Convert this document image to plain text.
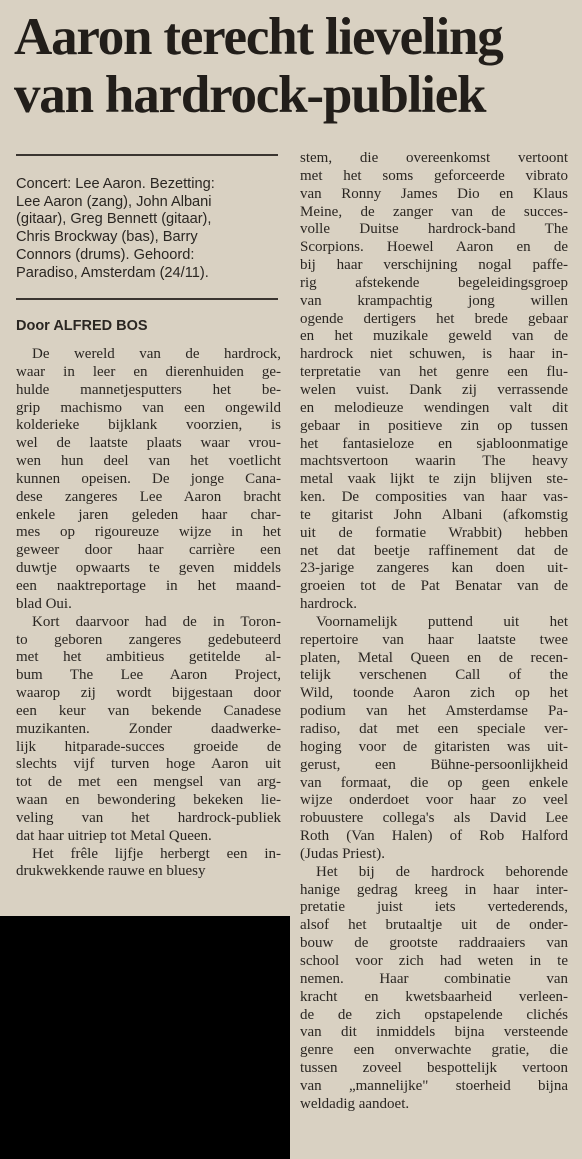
Aaron terecht lieveling
van hardrock-publiek
Concert: Lee Aaron. Bezetting:
Lee Aaron (zang), John Albani
(gitaar), Greg Bennett (gitaar),
Chris Brockway (bas), Barry
Connors (drums). Gehoord:
Paradiso, Amsterdam (24/11).
Door ALFRED BOS
De wereld van de hardrock,
waar in leer en dierenhuiden ge-
hulde mannetjesputters het be-
grip machismo van een ongewild
kolderieke bijklank voorzien, is
wel de laatste plaats waar vrou-
wen hun deel van het voetlicht
kunnen opeisen. De jonge Cana-
dese zangeres Lee Aaron bracht
enkele jaren geleden haar char-
mes op rigoureuze wijze in het
geweer door haar carrière een
duwtje opwaarts te geven middels
een naaktreportage in het maand-
blad Oui.
Kort daarvoor had de in Toron-
to geboren zangeres gedebuteerd
met het ambitieus getitelde al-
bum The Lee Aaron Project,
waarop zij wordt bijgestaan door
een keur van bekende Canadese
muzikanten. Zonder daadwerke-
lijk hitparade-succes groeide de
slechts vijf turven hoge Aaron uit
tot de met een mengsel van arg-
waan en bewondering bekeken lie-
veling van het hardrock-publiek
dat haar uitriep tot Metal Queen.
Het frêle lijfje herbergt een in-
drukwekkende rauwe en bluesy
stem, die overeenkomst vertoont
met het soms geforceerde vibrato
van Ronny James Dio en Klaus
Meine, de zanger van de succes-
volle Duitse hardrock-band The
Scorpions. Hoewel Aaron en de
bij haar verschijning nogal paffe-
rig afstekende begeleidingsgroep
van krampachtig jong willen
ogende dertigers het brede gebaar
en het muzikale geweld van de
hardrock niet schuwen, is haar in-
terpretatie van het genre een flu-
welen vuist. Dank zij verrassende
en melodieuze wendingen valt dit
gebaar in positieve zin op tussen
het fantasieloze en sjabloonmatige
machtsvertoon waarin The heavy
metal vaak lijkt te zijn blijven ste-
ken. De composities van haar vas-
te gitarist John Albani (afkomstig
uit de formatie Wrabbit) hebben
net dat beetje raffinement dat de
23-jarige zangeres kan doen uit-
groeien tot de Pat Benatar van de
hardrock.
Voornamelijk puttend uit het
repertoire van haar laatste twee
platen, Metal Queen en de recen-
telijk verschenen Call of the
Wild, toonde Aaron zich op het
podium van het Amsterdamse Pa-
radiso, dat met een speciale ver-
hoging voor de gitaristen was uit-
gerust, een Bühne-persoonlijkheid
van formaat, die op geen enkele
wijze onderdoet voor haar zo veel
robuustere collega's als David Lee
Roth (Van Halen) of Rob Halford
(Judas Priest).
Het bij de hardrock behorende
hanige gedrag kreeg in haar inter-
pretatie juist iets vertederends,
alsof het brutaaltje uit de onder-
bouw de grootste raddraaiers van
school voor zich had weten in te
nemen. Haar combinatie van
kracht en kwetsbaarheid verleen-
de de zich opstapelende clichés
van dit inmiddels bijna versteende
genre een onverwachte gratie, die
tussen zoveel bespottelijk vertoon
van „mannelijke" stoerheid bijna
weldadig aandoet.
